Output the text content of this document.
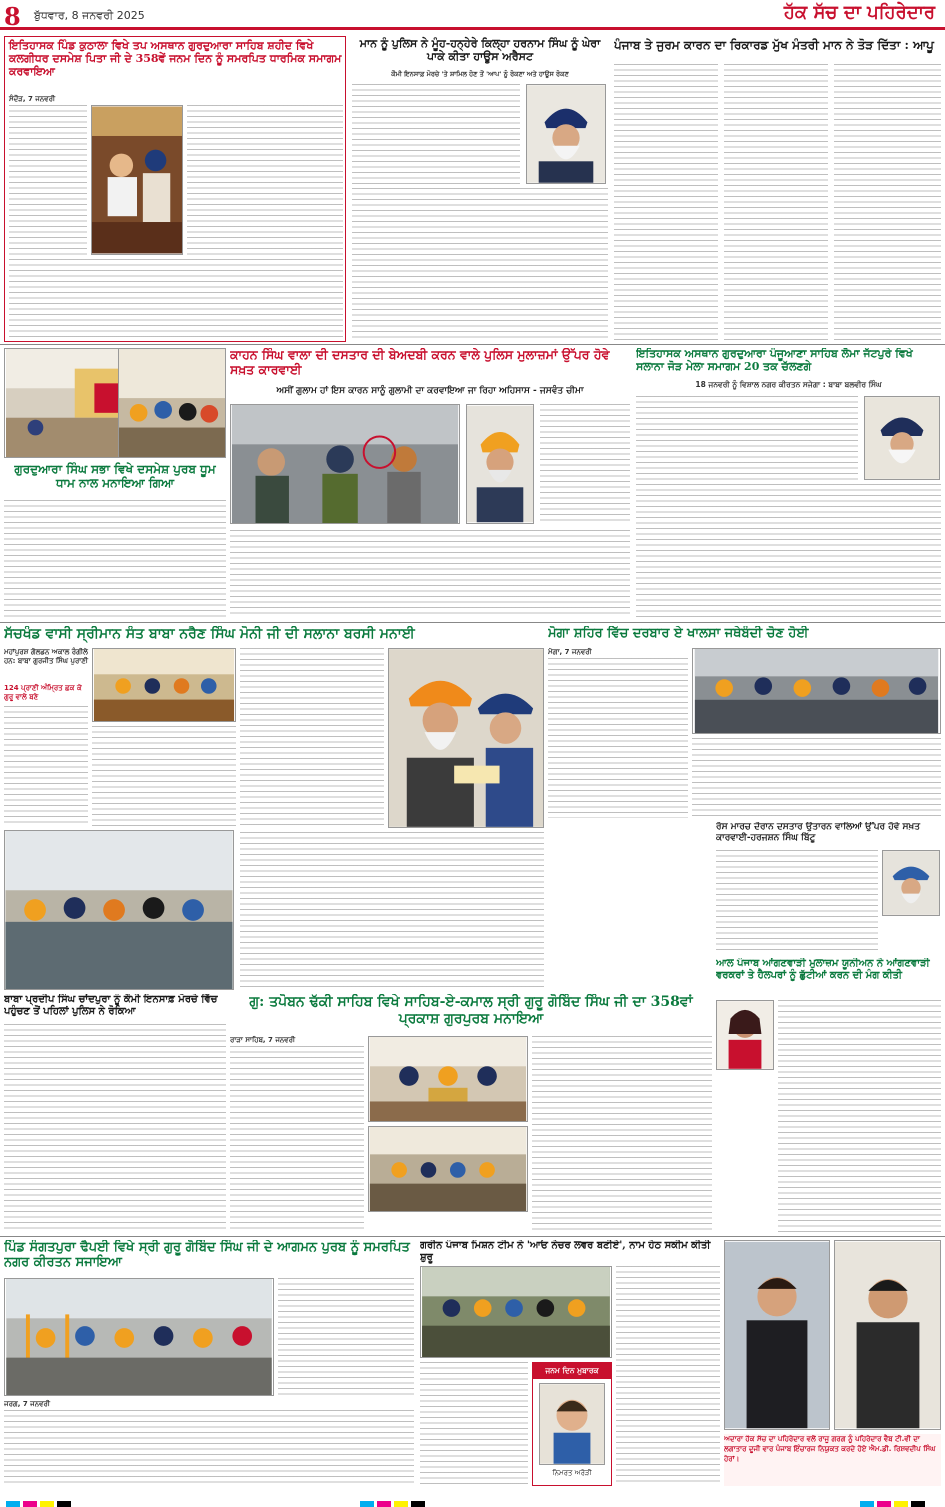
8 ਬੁੱਧਵਾਰ, 8 ਜਨਵਰੀ 2025	ਹੱਕ ਸੱਚ ਦਾ ਪਹਿਰੇਦਾਰ
ਇਤਿਹਾਸਕ ਪਿੰਡ ਕੁਠਾਲਾ ਵਿਖੇ ਤਪ ਅਸਥਾਨ ਗੁਰਦੁਆਰਾ ਸਾਹਿਬ ਸ਼ਹੀਦ ਵਿਖੇ ਕਲਗੀਧਰ ਦਸਮੇਸ਼ ਪਿਤਾ ਜੀ ਦੇ 358ਵੇਂ ਜਨਮ ਦਿਨ ਨੂੰ ਸਮਰਪਿਤ ਧਾਰਮਿਕ ਸਮਾਗਮ ਕਰਵਾਇਆ
ਸੰਦੌੜ, 7 ਜਨਵਰੀ
ਮਾਨ ਨੂੰ ਪੁਲਿਸ ਨੇ ਮੂੰਹ-ਹਨ੍ਹੇਰੇ ਕਿਲ੍ਹਾ ਹਰਨਾਮ ਸਿੰਘ ਨੂੰ ਘੇਰਾ ਪਾਕੇ ਕੀਤਾ ਹਾਊਸ ਅਰੈਸਟ
ਕੌਮੀ ਇਨਸਾਫ਼ ਮੋਰਚੇ 'ਤੇ ਸ਼ਾਮਿਲ ਹੋਣ ਤੋਂ 'ਆਪ' ਨੂੰ ਰੋਕਣਾ ਅਤੇ ਹਾਊਸ ਰੋਕਣ
ਪੰਜਾਬ ਤੇ ਜੁਰਮ ਕਾਰਨ ਦਾ ਰਿਕਾਰਡ ਮੁੱਖ ਮੰਤਰੀ ਮਾਨ ਨੇ ਤੋੜ ਦਿੱਤਾ : ਆਪੂ
ਗੁਰਦੁਆਰਾ ਸਿੰਘ ਸਭਾ ਵਿਖੇ ਦਸਮੇਸ਼ ਪੁਰਬ ਧੂਮ ਧਾਮ ਨਾਲ ਮਨਾਇਆ ਗਿਆ
ਕਾਹਨ ਸਿੰਘ ਵਾਲਾ ਦੀ ਦਸਤਾਰ ਦੀ ਬੇਅਦਬੀ ਕਰਨ ਵਾਲੇ ਪੁਲਿਸ ਮੁਲਾਜ਼ਮਾਂ ਉੱਪਰ ਹੋਵੇ ਸਖ਼ਤ ਕਾਰਵਾਈ
ਅਸੀਂ ਗੁਲਾਮ ਹਾਂ ਇਸ ਕਾਰਨ ਸਾਨੂੰ ਗੁਲਾਮੀ ਦਾ ਕਰਵਾਇਆ ਜਾ ਰਿਹਾ ਅਹਿਸਾਸ - ਜਸਵੰਤ ਚੀਮਾ
ਇਤਿਹਾਸਕ ਅਸਥਾਨ ਗੁਰਦੁਆਰਾ ਪੰਜੂਆਣਾ ਸਾਹਿਬ ਲੋਮਾ ਜੱਟਪੁਰੇ ਵਿਖੇ ਸਲਾਨਾ ਜੋੜ ਮੇਲਾ ਸਮਾਗਮ 20 ਤਕ ਚੱਲਣਗੇ
18 ਜਨਵਰੀ ਨੂੰ ਵਿਸ਼ਾਲ ਨਗਰ ਕੀਰਤਨ ਸਜੇਗਾ : ਬਾਬਾ ਬਲਵੀਰ ਸਿੰਘ
ਸੱਚਖੰਡ ਵਾਸੀ ਸ੍ਰੀਮਾਨ ਸੰਤ ਬਾਬਾ ਨਰੈਣ ਸਿੰਘ ਮੋਨੀ ਜੀ ਦੀ ਸਲਾਨਾ ਬਰਸੀ ਮਨਾਈ
ਮਹਾਂਪੁਰਸ਼ ਗੋਲਡਨ ਅਕਾਲ ਰੰਗੀਲੇ ਹਨ: ਬਾਬਾ ਗੁਰਜੀਤ ਸਿੰਘ ਪੁਰਾਣੀ
124 ਪ੍ਰਾਣੀ ਅੰਮ੍ਰਿਤ ਛਕ ਕੇ ਗੁਰੂ ਵਾਲੇ ਬਣੇ
ਮੋਗਾ ਸ਼ਹਿਰ ਵਿੱਚ ਦਰਬਾਰ ਏ ਖਾਲਸਾ ਜਥੇਬੰਦੀ ਚੋਣ ਹੋਈ
ਮੋਗਾ, 7 ਜਨਵਰੀ
ਰੋਸ ਮਾਰਚ ਦੌਰਾਨ ਦਸਤਾਰ ਉਤਾਰਨ ਵਾਲਿਆਂ ਉੱਪਰ ਹੋਵੇ ਸਖ਼ਤ ਕਾਰਵਾਈ-ਹਰਜਸ਼ਨ ਸਿੰਘ ਬਿੱਟੂ
ਗੁ: ਤਪੋਬਨ ਢੱਕੀ ਸਾਹਿਬ ਵਿਖੇ ਸਾਹਿਬ-ਏ-ਕਮਾਲ ਸ੍ਰੀ ਗੁਰੂ ਗੋਬਿੰਦ ਸਿੰਘ ਜੀ ਦਾ 358ਵਾਂ ਪ੍ਰਕਾਸ਼ ਗੁਰਪੁਰਬ ਮਨਾਇਆ
ਰਾੜਾ ਸਾਹਿਬ, 7 ਜਨਵਰੀ
ਬਾਬਾ ਪ੍ਰਦੀਪ ਸਿੰਘ ਚਾਂਦਪੁਰਾ ਨੂੰ ਕੌਮੀ ਇਨਸਾਫ਼ ਮੋਰਚੇ ਵਿੱਚ ਪਹੁੰਚਣ ਤੋਂ ਪਹਿਲਾਂ ਪੁਲਿਸ ਨੇ ਰੋਕਿਆ
ਆਲ ਪੰਜਾਬ ਆਂਗਣਵਾੜੀ ਮੁਲਾਜ਼ਮ ਯੂਨੀਅਨ ਨੇ ਆਂਗਣਵਾੜੀ ਵਰਕਰਾਂ ਤੇ ਹੈਲਪਰਾਂ ਨੂੰ ਛੁੱਟੀਆਂ ਕਰਨ ਦੀ ਮੰਗ ਕੀਤੀ
ਪਿੰਡ ਸੰਗਤਪੁਰਾ ਢੈਪਈ ਵਿਖੇ ਸ੍ਰੀ ਗੁਰੂ ਗੋਬਿੰਦ ਸਿੰਘ ਜੀ ਦੇ ਆਗਮਨ ਪੁਰਬ ਨੂੰ ਸਮਰਪਿਤ ਨਗਰ ਕੀਰਤਨ ਸਜਾਇਆ
ਜਰਗ, 7 ਜਨਵਰੀ
ਗਰੀਨ ਪੰਜਾਬ ਮਿਸ਼ਨ ਟੀਮ ਨੇ 'ਆਓ ਨੇਚਰ ਲਵਰ ਬਣੀਏ', ਨਾਮ ਹੇਠ ਸਕੀਮ ਕੀਤੀ ਸ਼ੁਰੂ
ਜਨਮ ਦਿਨ ਮੁਬਾਰਕ
ਨਿਮਰਤ ਅਰੋੜੀ
ਅਦਾਰਾ ਹੱਕ ਸੱਚ ਦਾ ਪਹਿਰੇਦਾਰ ਵਲੋਂ ਰਾਜੂ ਗਰਗ ਨੂੰ ਪਹਿਰੇਦਾਰ ਵੈਬ ਟੀ.ਵੀ ਦਾ ਲਗਾਤਾਰ ਦੂਜੀ ਵਾਰ ਪੰਜਾਬ ਇੰਚਾਰਜ ਨਿਯੁਕਤ ਕਰਦੇ ਹੋਏ ਐਮ.ਡੀ. ਰਿਸ਼ਵਦੀਪ ਸਿੰਘ ਹੇਰਾਂ।
